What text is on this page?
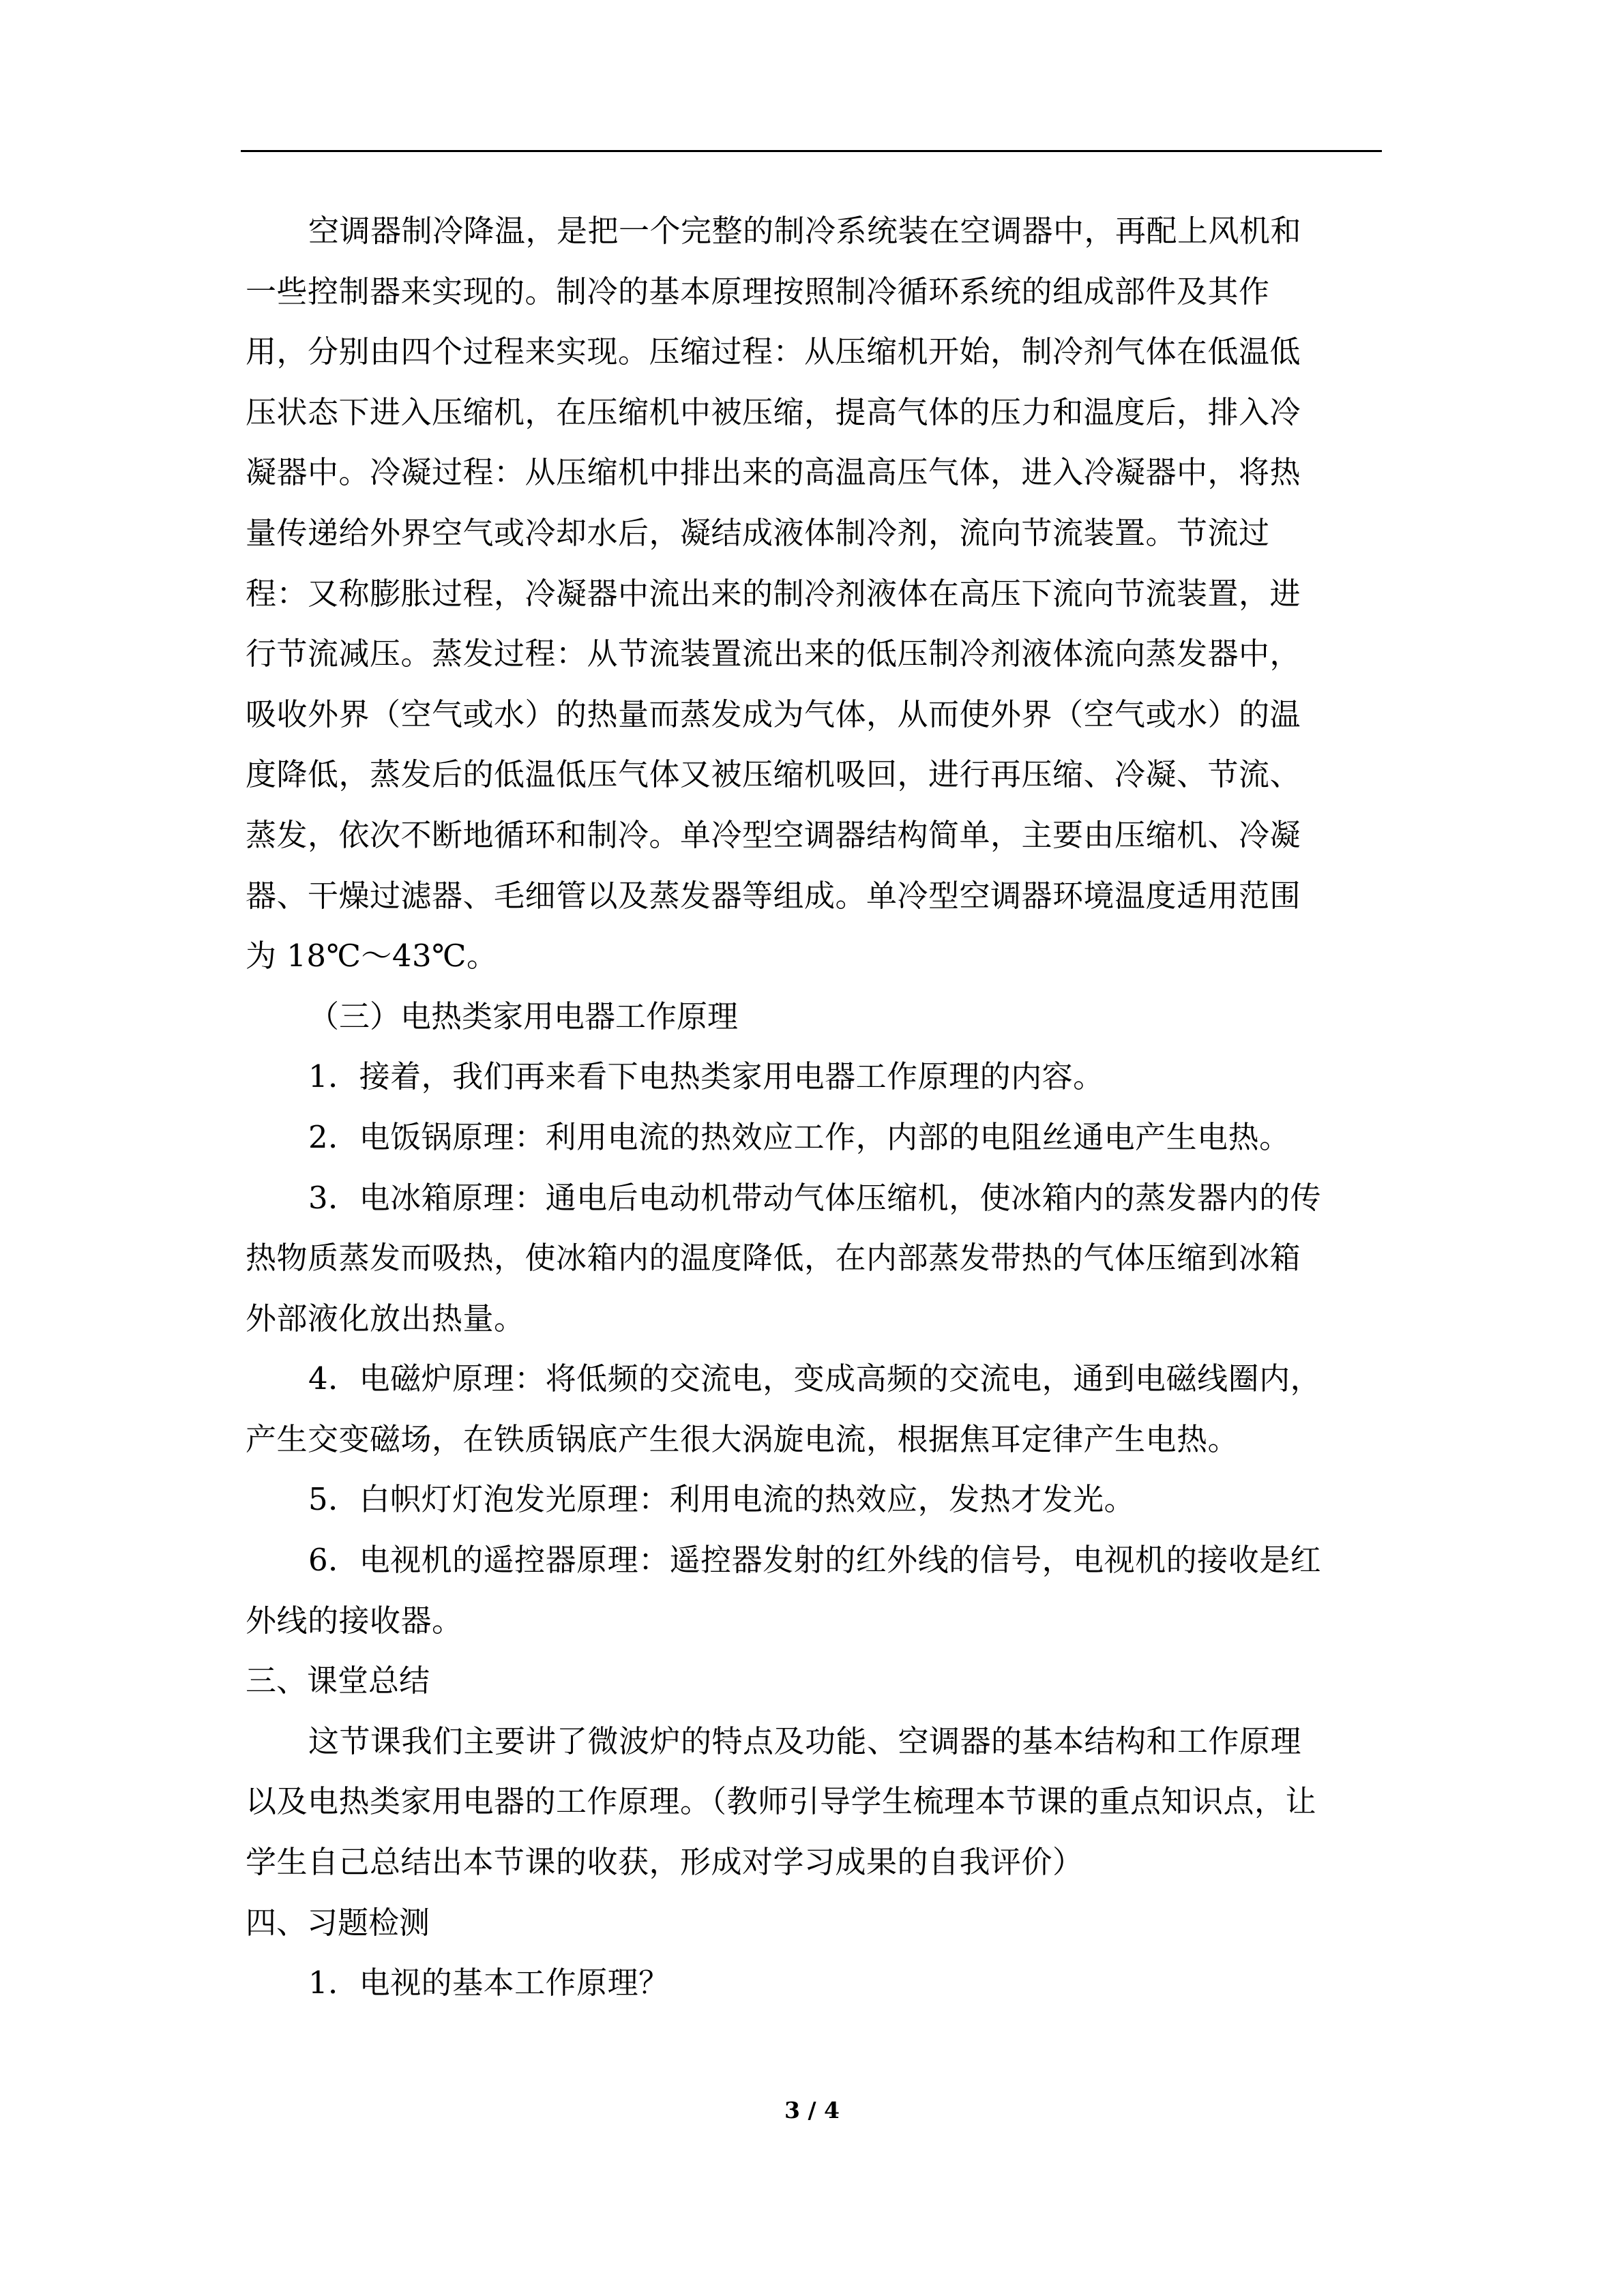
空调器制冷降温，是把一个完整的制冷系统装在空调器中，再配上风机和
一些控制器来实现的。制冷的基本原理按照制冷循环系统的组成部件及其作
用，分别由四个过程来实现。压缩过程：从压缩机开始，制冷剂气体在低温低
压状态下进入压缩机，在压缩机中被压缩，提高气体的压力和温度后，排入冷
凝器中。冷凝过程：从压缩机中排出来的高温高压气体，进入冷凝器中，将热
量传递给外界空气或冷却水后，凝结成液体制冷剂，流向节流装置。节流过
程：又称膨胀过程，冷凝器中流出来的制冷剂液体在高压下流向节流装置，进
行节流减压。蒸发过程：从节流装置流出来的低压制冷剂液体流向蒸发器中，
吸收外界（空气或水）的热量而蒸发成为气体，从而使外界（空气或水）的温
度降低，蒸发后的低温低压气体又被压缩机吸回，进行再压缩、冷凝、节流、
蒸发，依次不断地循环和制冷。单冷型空调器结构简单，主要由压缩机、冷凝
器、干燥过滤器、毛细管以及蒸发器等组成。单冷型空调器环境温度适用范围
为 18℃～43℃。

（三）电热类家用电器工作原理

1．接着，我们再来看下电热类家用电器工作原理的内容。

2．电饭锅原理：利用电流的热效应工作，内部的电阻丝通电产生电热。

3．电冰箱原理：通电后电动机带动气体压缩机，使冰箱内的蒸发器内的传
热物质蒸发而吸热，使冰箱内的温度降低，在内部蒸发带热的气体压缩到冰箱
外部液化放出热量。

4．电磁炉原理：将低频的交流电，变成高频的交流电，通到电磁线圈内，
产生交变磁场，在铁质锅底产生很大涡旋电流，根据焦耳定律产生电热。

5．白帜灯灯泡发光原理：利用电流的热效应，发热才发光。

6．电视机的遥控器原理：遥控器发射的红外线的信号，电视机的接收是红
外线的接收器。

三、课堂总结

这节课我们主要讲了微波炉的特点及功能、空调器的基本结构和工作原理
以及电热类家用电器的工作原理。（教师引导学生梳理本节课的重点知识点，让
学生自己总结出本节课的收获，形成对学习成果的自我评价）

四、习题检测

1．电视的基本工作原理？

3 / 4
